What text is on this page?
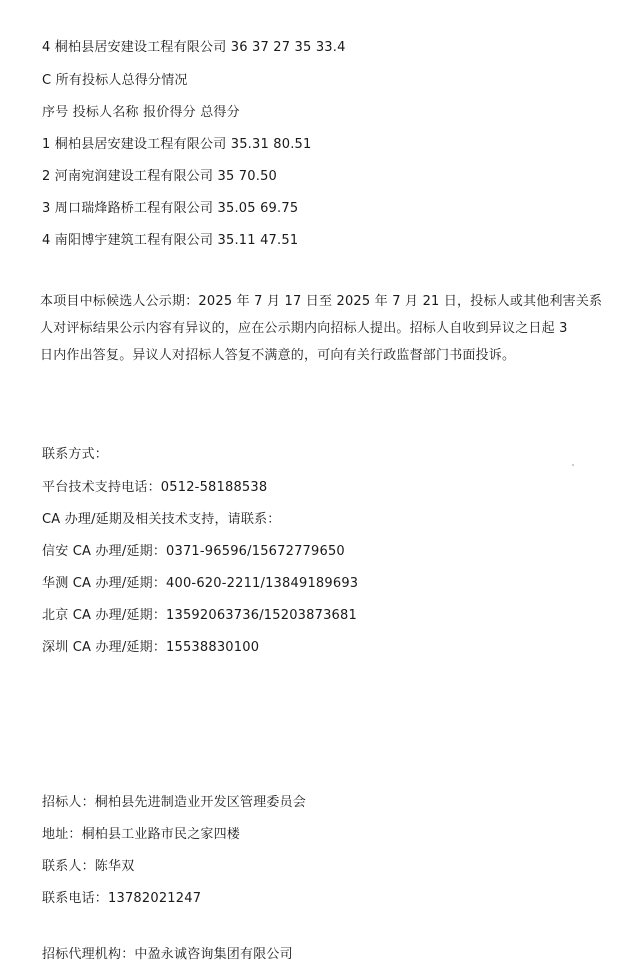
4 桐柏县居安建设工程有限公司 36 37 27 35 33.4
C 所有投标人总得分情况
序号 投标人名称 报价得分 总得分
1 桐柏县居安建设工程有限公司 35.31 80.51
2 河南宛润建设工程有限公司 35 70.50
3 周口瑞烽路桥工程有限公司 35.05 69.75
4 南阳博宇建筑工程有限公司 35.11 47.51
本项目中标候选人公示期：2025 年 7 月 17 日至 2025 年 7 月 21 日，投标人或其他利害关系
人对评标结果公示内容有异议的，应在公示期内向招标人提出。招标人自收到异议之日起 3
日内作出答复。异议人对招标人答复不满意的，可向有关行政监督部门书面投诉。
联系方式：
平台技术支持电话：0512-58188538
CA 办理/延期及相关技术支持，请联系：
信安 CA 办理/延期：0371-96596/15672779650
华测 CA 办理/延期：400-620-2211/13849189693
北京 CA 办理/延期：13592063736/15203873681
深圳 CA 办理/延期：15538830100
招标人：桐柏县先进制造业开发区管理委员会
地址：桐柏县工业路市民之家四楼
联系人：陈华双
联系电话：13782021247
招标代理机构：中盈永诚咨询集团有限公司
